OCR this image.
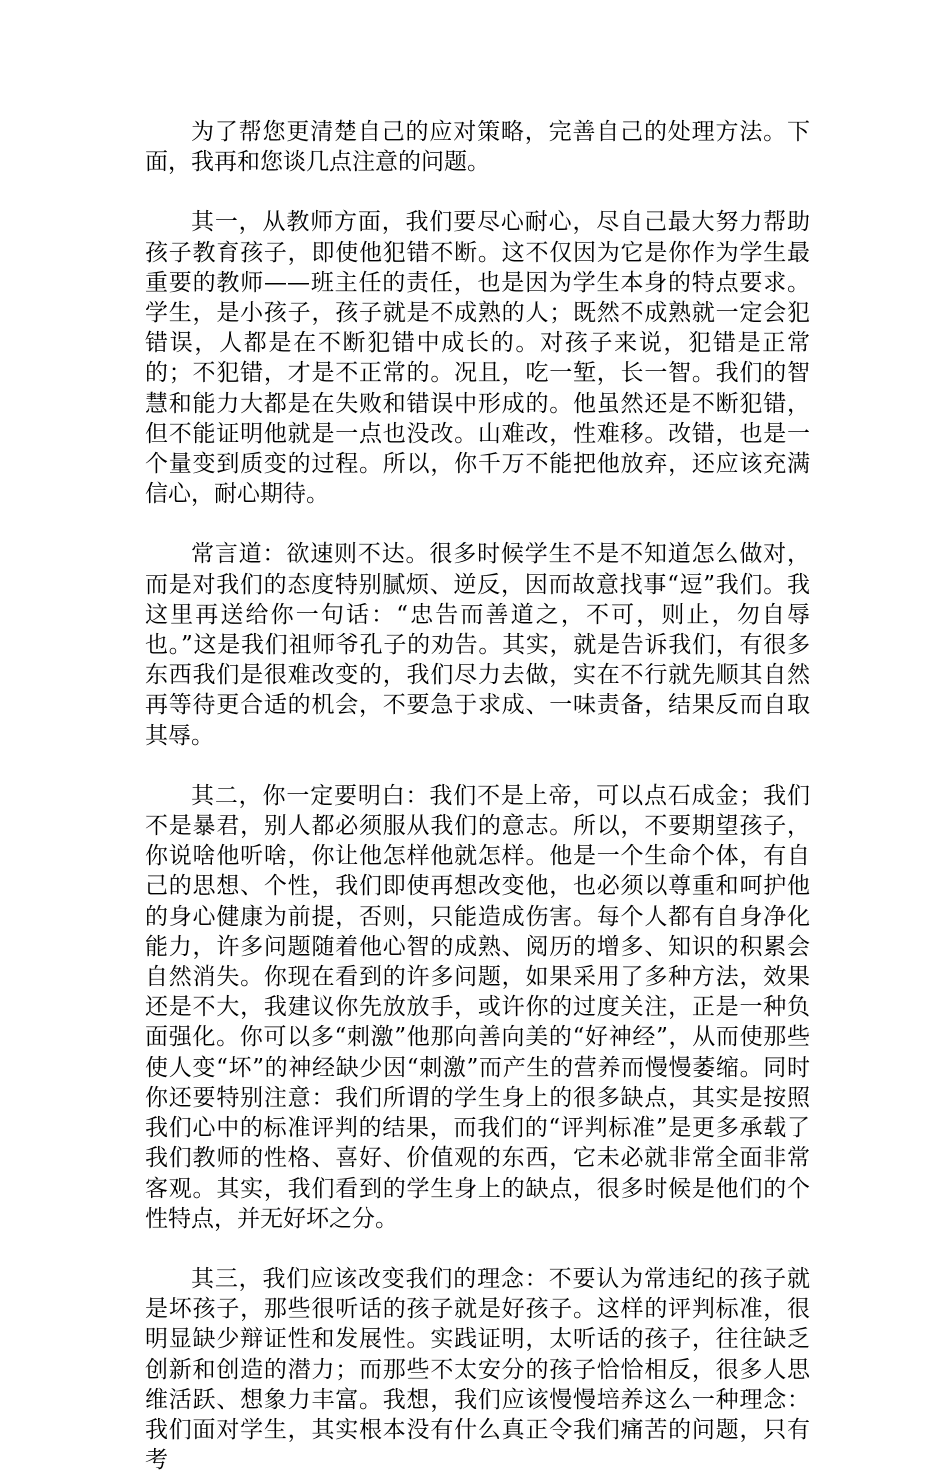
为了帮您更清楚自己的应对策略，完善自己的处理方法。下面，我再和您谈几点注意的问题。

其一，从教师方面，我们要尽心耐心，尽自己最大努力帮助孩子教育孩子，即使他犯错不断。这不仅因为它是你作为学生最重要的教师——班主任的责任，也是因为学生本身的特点要求。学生，是小孩子，孩子就是不成熟的人；既然不成熟就一定会犯错误，人都是在不断犯错中成长的。对孩子来说，犯错是正常的；不犯错，才是不正常的。况且，吃一堑，长一智。我们的智慧和能力大都是在失败和错误中形成的。他虽然还是不断犯错，但不能证明他就是一点也没改。山难改，性难移。改错，也是一个量变到质变的过程。所以，你千万不能把他放弃，还应该充满信心，耐心期待。

常言道：欲速则不达。很多时候学生不是不知道怎么做对，而是对我们的态度特别腻烦、逆反，因而故意找事“逗”我们。我这里再送给你一句话：“忠告而善道之，不可，则止，勿自辱也。”这是我们祖师爷孔子的劝告。其实，就是告诉我们，有很多东西我们是很难改变的，我们尽力去做，实在不行就先顺其自然再等待更合适的机会，不要急于求成、一味责备，结果反而自取其辱。

其二，你一定要明白：我们不是上帝，可以点石成金；我们不是暴君，别人都必须服从我们的意志。所以，不要期望孩子，你说啥他听啥，你让他怎样他就怎样。他是一个生命个体，有自己的思想、个性，我们即使再想改变他，也必须以尊重和呵护他的身心健康为前提，否则，只能造成伤害。每个人都有自身净化能力，许多问题随着他心智的成熟、阅历的增多、知识的积累会自然消失。你现在看到的许多问题，如果采用了多种方法，效果还是不大，我建议你先放放手，或许你的过度关注，正是一种负面强化。你可以多“刺激”他那向善向美的“好神经”，从而使那些使人变“坏”的神经缺少因“刺激”而产生的营养而慢慢萎缩。同时你还要特别注意：我们所谓的学生身上的很多缺点，其实是按照我们心中的标准评判的结果，而我们的“评判标准”是更多承载了我们教师的性格、喜好、价值观的东西，它未必就非常全面非常客观。其实，我们看到的学生身上的缺点，很多时候是他们的个性特点，并无好坏之分。

其三，我们应该改变我们的理念：不要认为常违纪的孩子就是坏孩子，那些很听话的孩子就是好孩子。这样的评判标准，很明显缺少辩证性和发展性。实践证明，太听话的孩子，往往缺乏创新和创造的潜力；而那些不太安分的孩子恰恰相反，很多人思维活跃、想象力丰富。我想，我们应该慢慢培养这么一种理念：我们面对学生，其实根本没有什么真正令我们痛苦的问题，只有考
